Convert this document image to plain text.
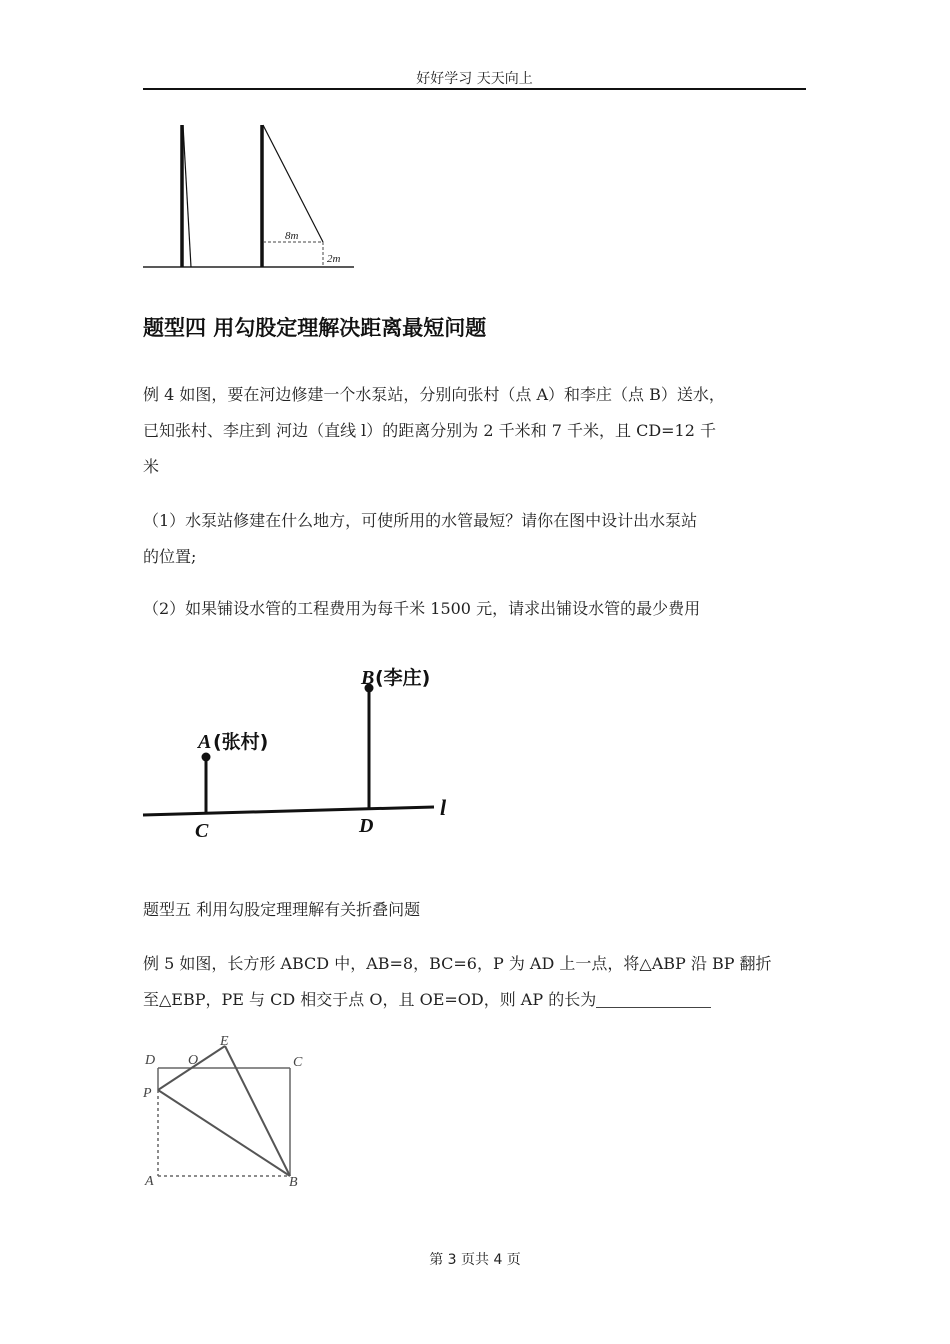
好好学习 天天向上
8m
2m
题型四 用勾股定理解决距离最短问题

例 4 如图，要在河边修建一个水泵站，分别向张村（点 A）和李庄（点 B）送水，

已知张村、李庄到 河边（直线 l）的距离分别为 2 千米和 7 千米，且 CD=12 千

米

（1）水泵站修建在什么地方，可使所用的水管最短？请你在图中设计出水泵站

的位置;

（2）如果铺设水管的工程费用为每千米 1500 元，请求出铺设水管的最少费用

A (张村)
B (李庄)
C	D
l

题型五 利用勾股定理理解有关折叠问题

例 5 如图，长方形 ABCD 中，AB=8，BC=6，P 为 AD 上一点，将△ABP 沿 BP 翻折

至△EBP，PE 与 CD 相交于点 O，且 OE=OD，则 AP 的长为

D O
E
C
P
A	B
第 3 页共 4 页
